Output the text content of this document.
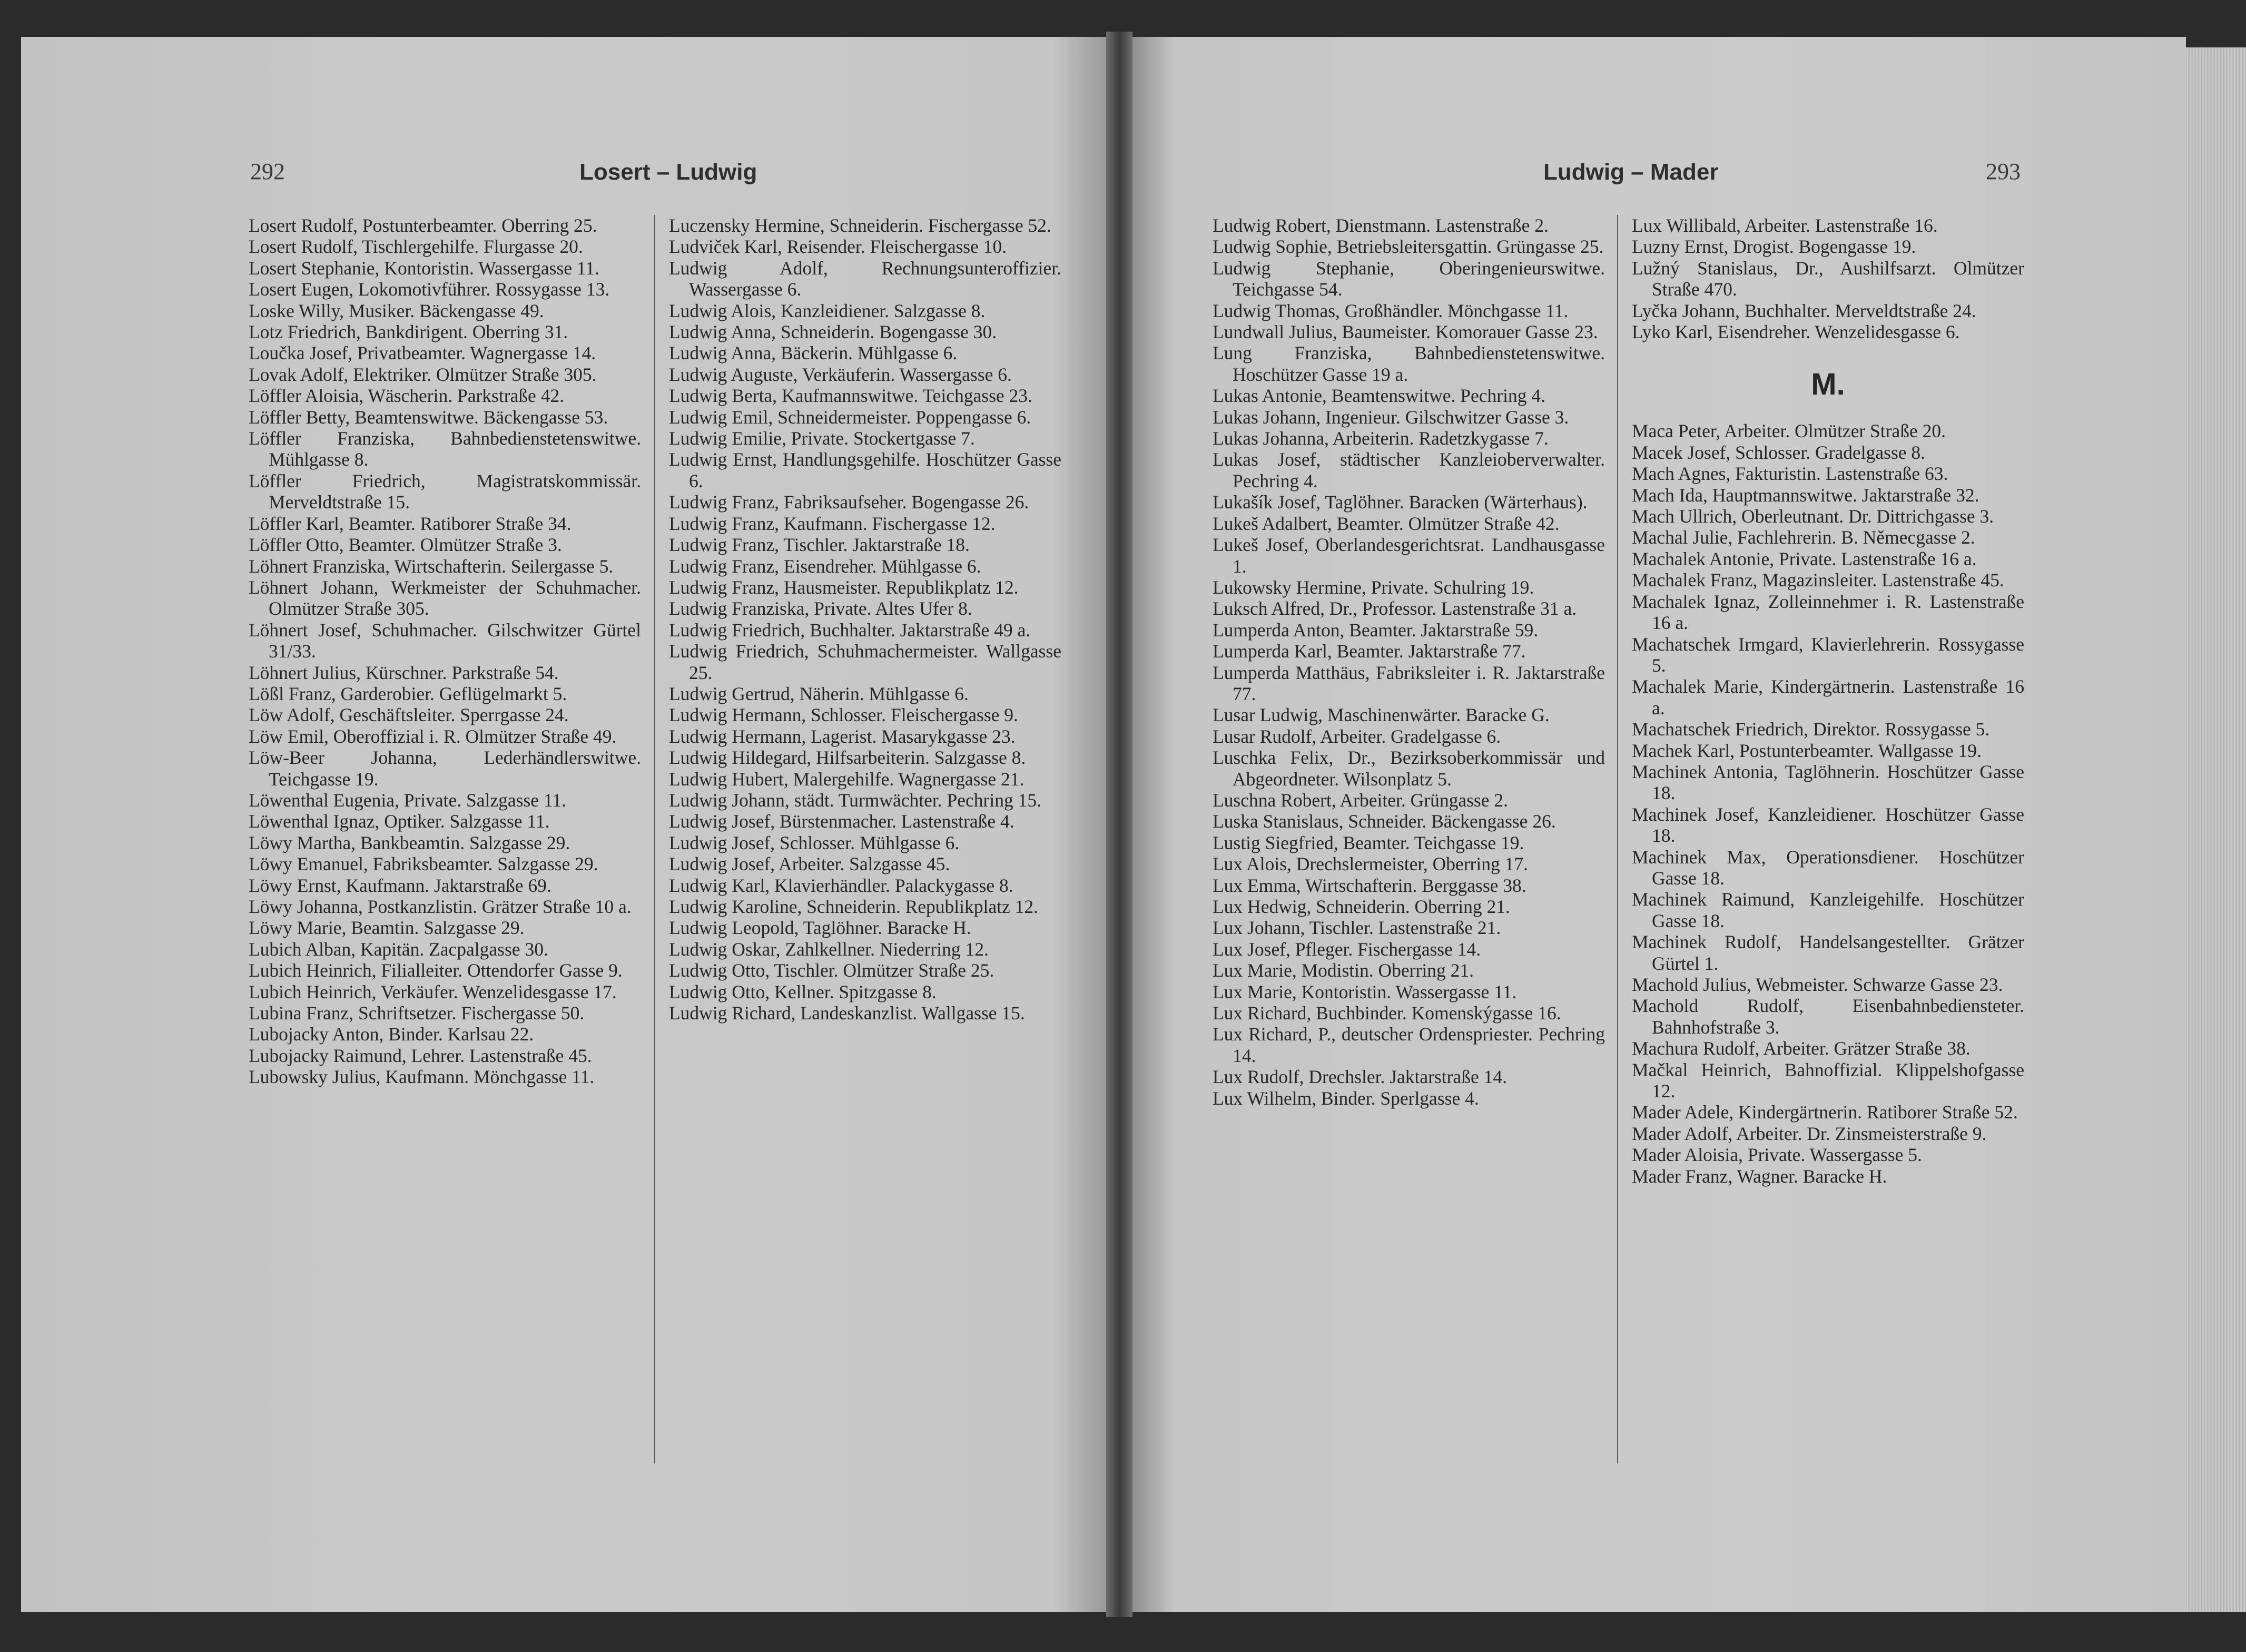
292	Losert – Ludwig

Losert Rudolf, Postunterbeamter. Oberring 25.

Losert Rudolf, Tischlergehilfe. Flurgasse 20.

Losert Stephanie, Kontoristin. Wassergasse 11.

Losert Eugen, Lokomotivführer. Rossygasse 13.

Loske Willy, Musiker. Bäckengasse 49.

Lotz Friedrich, Bankdirigent. Oberring 31.

Loučka Josef, Privatbeamter. Wagnergasse 14.

Lovak Adolf, Elektriker. Olmützer Straße 305.

Löffler Aloisia, Wäscherin. Parkstraße 42.

Löffler Betty, Beamtenswitwe. Bäckengasse 53.

Löffler Franziska, Bahnbedienstetenswitwe. Mühlgasse 8.

Löffler Friedrich, Magistratskommissär. Merveldtstraße 15.

Löffler Karl, Beamter. Ratiborer Straße 34.

Löffler Otto, Beamter. Olmützer Straße 3.

Löhnert Franziska, Wirtschafterin. Seilergasse 5.

Löhnert Johann, Werkmeister der Schuhmacher. Olmützer Straße 305.

Löhnert Josef, Schuhmacher. Gilschwitzer Gürtel 31/33.

Löhnert Julius, Kürschner. Parkstraße 54.

Lößl Franz, Garderobier. Geflügelmarkt 5.

Löw Adolf, Geschäftsleiter. Sperrgasse 24.

Löw Emil, Oberoffizial i. R. Olmützer Straße 49.

Löw-Beer Johanna, Lederhändlerswitwe. Teichgasse 19.

Löwenthal Eugenia, Private. Salzgasse 11.

Löwenthal Ignaz, Optiker. Salzgasse 11.

Löwy Martha, Bankbeamtin. Salzgasse 29.

Löwy Emanuel, Fabriksbeamter. Salzgasse 29.

Löwy Ernst, Kaufmann. Jaktarstraße 69.

Löwy Johanna, Postkanzlistin. Grätzer Straße 10 a.

Löwy Marie, Beamtin. Salzgasse 29.

Lubich Alban, Kapitän. Zacpalgasse 30.

Lubich Heinrich, Filialleiter. Ottendorfer Gasse 9.

Lubich Heinrich, Verkäufer. Wenzelidesgasse 17.

Lubina Franz, Schriftsetzer. Fischergasse 50.

Lubojacky Anton, Binder. Karlsau 22.

Lubojacky Raimund, Lehrer. Lastenstraße 45.

Lubowsky Julius, Kaufmann. Mönchgasse 11.

Luczensky Hermine, Schneiderin. Fischergasse 52.

Ludviček Karl, Reisender. Fleischergasse 10.

Ludwig Adolf, Rechnungsunteroffizier. Wassergasse 6.

Ludwig Alois, Kanzleidiener. Salzgasse 8.

Ludwig Anna, Schneiderin. Bogengasse 30.

Ludwig Anna, Bäckerin. Mühlgasse 6.

Ludwig Auguste, Verkäuferin. Wassergasse 6.

Ludwig Berta, Kaufmannswitwe. Teichgasse 23.

Ludwig Emil, Schneidermeister. Poppengasse 6.

Ludwig Emilie, Private. Stockertgasse 7.

Ludwig Ernst, Handlungsgehilfe. Hoschützer Gasse 6.

Ludwig Franz, Fabriksaufseher. Bogengasse 26.

Ludwig Franz, Kaufmann. Fischergasse 12.

Ludwig Franz, Tischler. Jaktarstraße 18.

Ludwig Franz, Eisendreher. Mühlgasse 6.

Ludwig Franz, Hausmeister. Republikplatz 12.

Ludwig Franziska, Private. Altes Ufer 8.

Ludwig Friedrich, Buchhalter. Jaktarstraße 49 a.

Ludwig Friedrich, Schuhmachermeister. Wallgasse 25.

Ludwig Gertrud, Näherin. Mühlgasse 6.

Ludwig Hermann, Schlosser. Fleischergasse 9.

Ludwig Hermann, Lagerist. Masarykgasse 23.

Ludwig Hildegard, Hilfsarbeiterin. Salzgasse 8.

Ludwig Hubert, Malergehilfe. Wagnergasse 21.

Ludwig Johann, städt. Turmwächter. Pechring 15.

Ludwig Josef, Bürstenmacher. Lastenstraße 4.

Ludwig Josef, Schlosser. Mühlgasse 6.

Ludwig Josef, Arbeiter. Salzgasse 45.

Ludwig Karl, Klavierhändler. Palackygasse 8.

Ludwig Karoline, Schneiderin. Republikplatz 12.

Ludwig Leopold, Taglöhner. Baracke H.

Ludwig Oskar, Zahlkellner. Niederring 12.

Ludwig Otto, Tischler. Olmützer Straße 25.

Ludwig Otto, Kellner. Spitzgasse 8.

Ludwig Richard, Landeskanzlist. Wallgasse 15.

Ludwig – Mader	293

Ludwig Robert, Dienstmann. Lastenstraße 2.

Ludwig Sophie, Betriebsleitersgattin. Grüngasse 25.

Ludwig Stephanie, Oberingenieurswitwe. Teichgasse 54.

Ludwig Thomas, Großhändler. Mönchgasse 11.

Lundwall Julius, Baumeister. Komorauer Gasse 23.

Lung Franziska, Bahnbedienstetenswitwe. Hoschützer Gasse 19 a.

Lukas Antonie, Beamtenswitwe. Pechring 4.

Lukas Johann, Ingenieur. Gilschwitzer Gasse 3.

Lukas Johanna, Arbeiterin. Radetzkygasse 7.

Lukas Josef, städtischer Kanzleioberverwalter. Pechring 4.

Lukašík Josef, Taglöhner. Baracken (Wärterhaus).

Lukeš Adalbert, Beamter. Olmützer Straße 42.

Lukeš Josef, Oberlandesgerichtsrat. Landhausgasse 1.

Lukowsky Hermine, Private. Schulring 19.

Luksch Alfred, Dr., Professor. Lastenstraße 31 a.

Lumperda Anton, Beamter. Jaktarstraße 59.

Lumperda Karl, Beamter. Jaktarstraße 77.

Lumperda Matthäus, Fabriksleiter i. R. Jaktarstraße 77.

Lusar Ludwig, Maschinenwärter. Baracke G.

Lusar Rudolf, Arbeiter. Gradelgasse 6.

Luschka Felix, Dr., Bezirksoberkommissär und Abgeordneter. Wilsonplatz 5.

Luschna Robert, Arbeiter. Grüngasse 2.

Luska Stanislaus, Schneider. Bäckengasse 26.

Lustig Siegfried, Beamter. Teichgasse 19.

Lux Alois, Drechslermeister, Oberring 17.

Lux Emma, Wirtschafterin. Berggasse 38.

Lux Hedwig, Schneiderin. Oberring 21.

Lux Johann, Tischler. Lastenstraße 21.

Lux Josef, Pfleger. Fischergasse 14.

Lux Marie, Modistin. Oberring 21.

Lux Marie, Kontoristin. Wassergasse 11.

Lux Richard, Buchbinder. Komenskýgasse 16.

Lux Richard, P., deutscher Ordenspriester. Pechring 14.

Lux Rudolf, Drechsler. Jaktarstraße 14.

Lux Wilhelm, Binder. Sperlgasse 4.

Lux Willibald, Arbeiter. Lastenstraße 16.

Luzny Ernst, Drogist. Bogengasse 19.

Lužný Stanislaus, Dr., Aushilfsarzt. Olmützer Straße 470.

Lyčka Johann, Buchhalter. Merveldtstraße 24.

Lyko Karl, Eisendreher. Wenzelidesgasse 6.

M.

Maca Peter, Arbeiter. Olmützer Straße 20.

Macek Josef, Schlosser. Gradelgasse 8.

Mach Agnes, Fakturistin. Lastenstraße 63.

Mach Ida, Hauptmannswitwe. Jaktarstraße 32.

Mach Ullrich, Oberleutnant. Dr. Dittrichgasse 3.

Machal Julie, Fachlehrerin. B. Němecgasse 2.

Machalek Antonie, Private. Lastenstraße 16 a.

Machalek Franz, Magazinsleiter. Lastenstraße 45.

Machalek Ignaz, Zolleinnehmer i. R. Lastenstraße 16 a.

Machatschek Irmgard, Klavierlehrerin. Rossygasse 5.

Machalek Marie, Kindergärtnerin. Lastenstraße 16 a.

Machatschek Friedrich, Direktor. Rossygasse 5.

Machek Karl, Postunterbeamter. Wallgasse 19.

Machinek Antonia, Taglöhnerin. Hoschützer Gasse 18.

Machinek Josef, Kanzleidiener. Hoschützer Gasse 18.

Machinek Max, Operationsdiener. Hoschützer Gasse 18.

Machinek Raimund, Kanzleigehilfe. Hoschützer Gasse 18.

Machinek Rudolf, Handelsangestellter. Grätzer Gürtel 1.

Machold Julius, Webmeister. Schwarze Gasse 23.

Machold Rudolf, Eisenbahnbediensteter. Bahnhofstraße 3.

Machura Rudolf, Arbeiter. Grätzer Straße 38.

Mačkal Heinrich, Bahnoffizial. Klippelshofgasse 12.

Mader Adele, Kindergärtnerin. Ratiborer Straße 52.

Mader Adolf, Arbeiter. Dr. Zinsmeisterstraße 9.

Mader Aloisia, Private. Wassergasse 5.

Mader Franz, Wagner. Baracke H.
